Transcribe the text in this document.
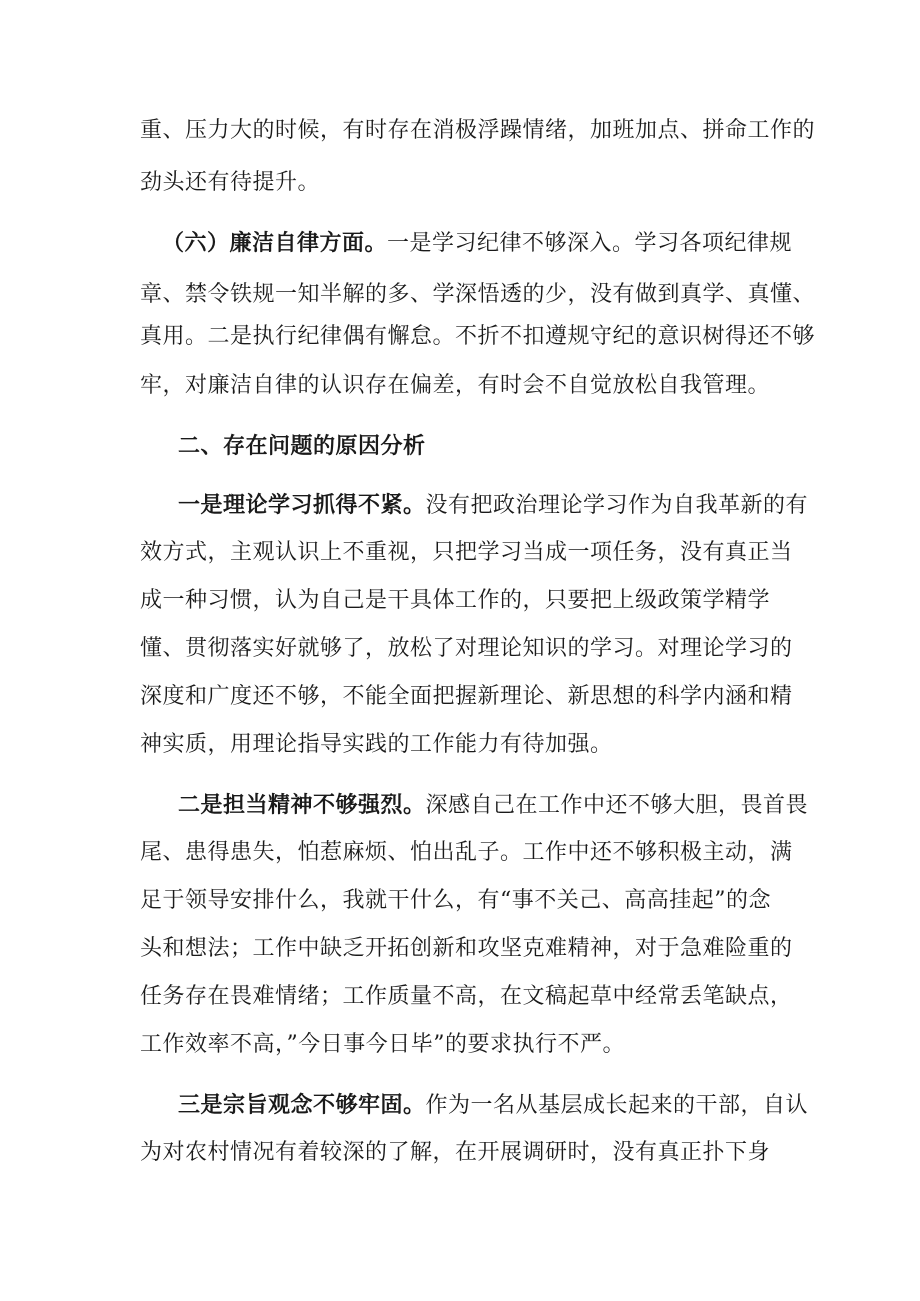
重、压力大的时候，有时存在消极浮躁情绪，加班加点、拼命工作的
劲头还有待提升。
（六）廉洁自律方面。一是学习纪律不够深入。学习各项纪律规
章、禁令铁规一知半解的多、学深悟透的少，没有做到真学、真懂、
真用。二是执行纪律偶有懈怠。不折不扣遵规守纪的意识树得还不够
牢，对廉洁自律的认识存在偏差，有时会不自觉放松自我管理。
二、存在问题的原因分析
一是理论学习抓得不紧。没有把政治理论学习作为自我革新的有
效方式，主观认识上不重视，只把学习当成一项任务，没有真正当
成一种习惯，认为自己是干具体工作的，只要把上级政策学精学
懂、贯彻落实好就够了，放松了对理论知识的学习。对理论学习的
深度和广度还不够，不能全面把握新理论、新思想的科学内涵和精
神实质，用理论指导实践的工作能力有待加强。
二是担当精神不够强烈。深感自己在工作中还不够大胆，畏首畏
尾、患得患失，怕惹麻烦、怕出乱子。工作中还不够积极主动，满
足于领导安排什么，我就干什么，有“事不关己、高高挂起”的念
头和想法；工作中缺乏开拓创新和攻坚克难精神，对于急难险重的
任务存在畏难情绪；工作质量不高，在文稿起草中经常丢笔缺点，
工作效率不高，”今日事今日毕”的要求执行不严。
三是宗旨观念不够牢固。作为一名从基层成长起来的干部，自认
为对农村情况有着较深的了解，在开展调研时，没有真正扑下身
